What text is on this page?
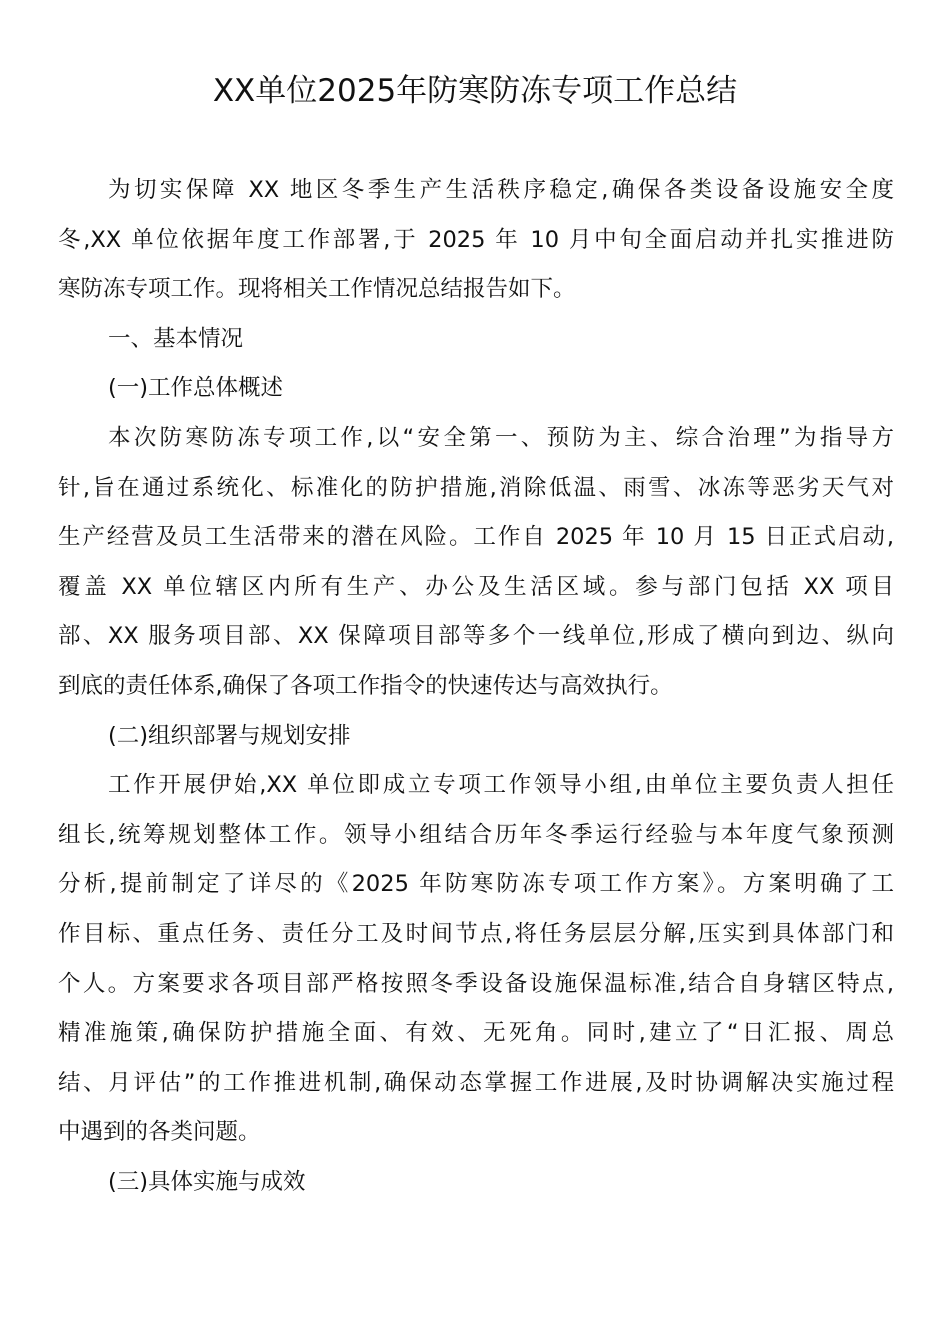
XX单位2025年防寒防冻专项工作总结
为切实保障 XX 地区冬季生产生活秩序稳定,确保各类设备设施安全度
冬,XX 单位依据年度工作部署,于 2025 年 10 月中旬全面启动并扎实推进防
寒防冻专项工作。现将相关工作情况总结报告如下。
一、基本情况
(一)工作总体概述
本次防寒防冻专项工作,以“安全第一、预防为主、综合治理”为指导方
针,旨在通过系统化、标准化的防护措施,消除低温、雨雪、冰冻等恶劣天气对
生产经营及员工生活带来的潜在风险。工作自 2025 年 10 月 15 日正式启动,
覆盖 XX 单位辖区内所有生产、办公及生活区域。参与部门包括 XX 项目
部、XX 服务项目部、XX 保障项目部等多个一线单位,形成了横向到边、纵向
到底的责任体系,确保了各项工作指令的快速传达与高效执行。
(二)组织部署与规划安排
工作开展伊始,XX 单位即成立专项工作领导小组,由单位主要负责人担任
组长,统筹规划整体工作。领导小组结合历年冬季运行经验与本年度气象预测
分析,提前制定了详尽的《2025 年防寒防冻专项工作方案》。方案明确了工
作目标、重点任务、责任分工及时间节点,将任务层层分解,压实到具体部门和
个人。方案要求各项目部严格按照冬季设备设施保温标准,结合自身辖区特点,
精准施策,确保防护措施全面、有效、无死角。同时,建立了“日汇报、周总
结、月评估”的工作推进机制,确保动态掌握工作进展,及时协调解决实施过程
中遇到的各类问题。
(三)具体实施与成效
